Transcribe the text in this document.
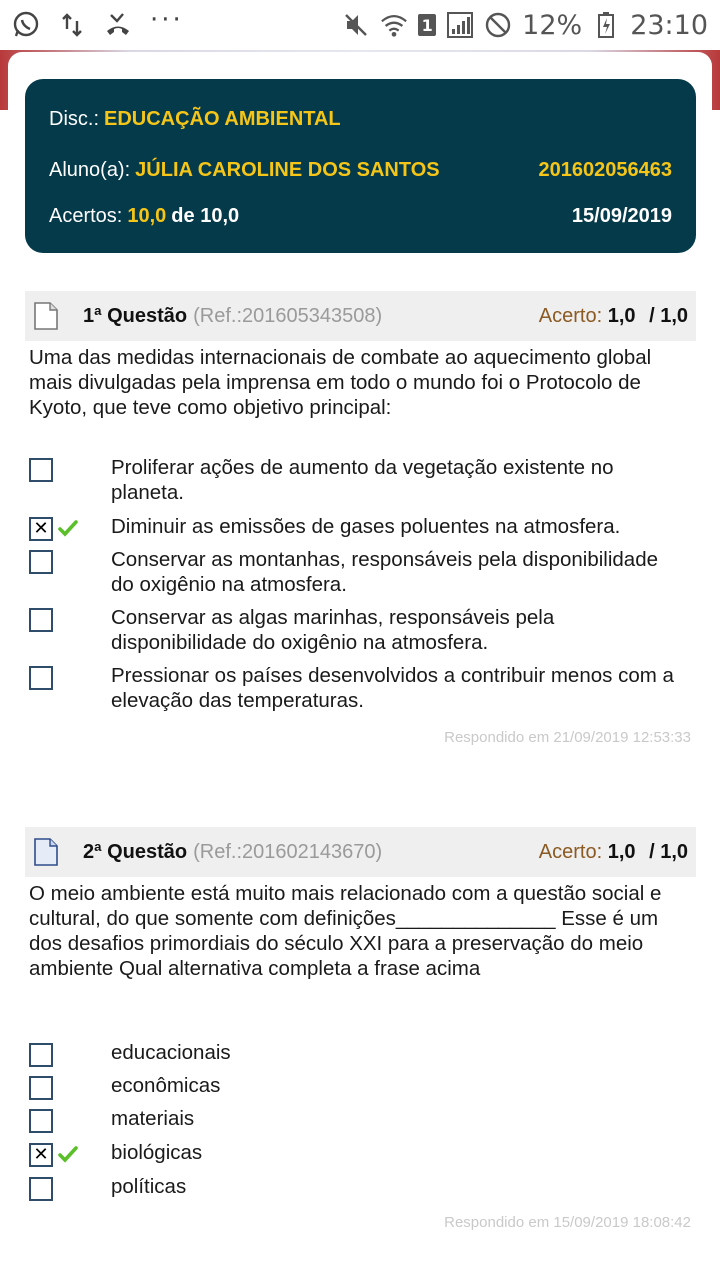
···	1	12% 23:10
Disc.: EDUCAÇÃO AMBIENTAL
Aluno(a): JÚLIA CAROLINE DOS SANTOS	201602056463
Acertos: 10,0 de 10,0	15/09/2019
1ª Questão (Ref.:201605343508)	Acerto: 1,0 / 1,0
Uma das medidas internacionais de combate ao aquecimento global mais divulgadas pela imprensa em todo o mundo foi o Protocolo de Kyoto, que teve como objetivo principal:
Proliferar ações de aumento da vegetação existente no planeta.
✕	Diminuir as emissões de gases poluentes na atmosfera.
Conservar as montanhas, responsáveis pela disponibilidade do oxigênio na atmosfera.
Conservar as algas marinhas, responsáveis pela disponibilidade do oxigênio na atmosfera.
Pressionar os países desenvolvidos a contribuir menos com a elevação das temperaturas.
Respondido em 21/09/2019 12:53:33
2ª Questão (Ref.:201602143670)	Acerto: 1,0 / 1,0
O meio ambiente está muito mais relacionado com a questão social e cultural, do que somente com definições______________ Esse é um dos desafios primordiais do século XXI para a preservação do meio ambiente Qual alternativa completa a frase acima
educacionais
econômicas
materiais
✕	biológicas
políticas
Respondido em 15/09/2019 18:08:42
